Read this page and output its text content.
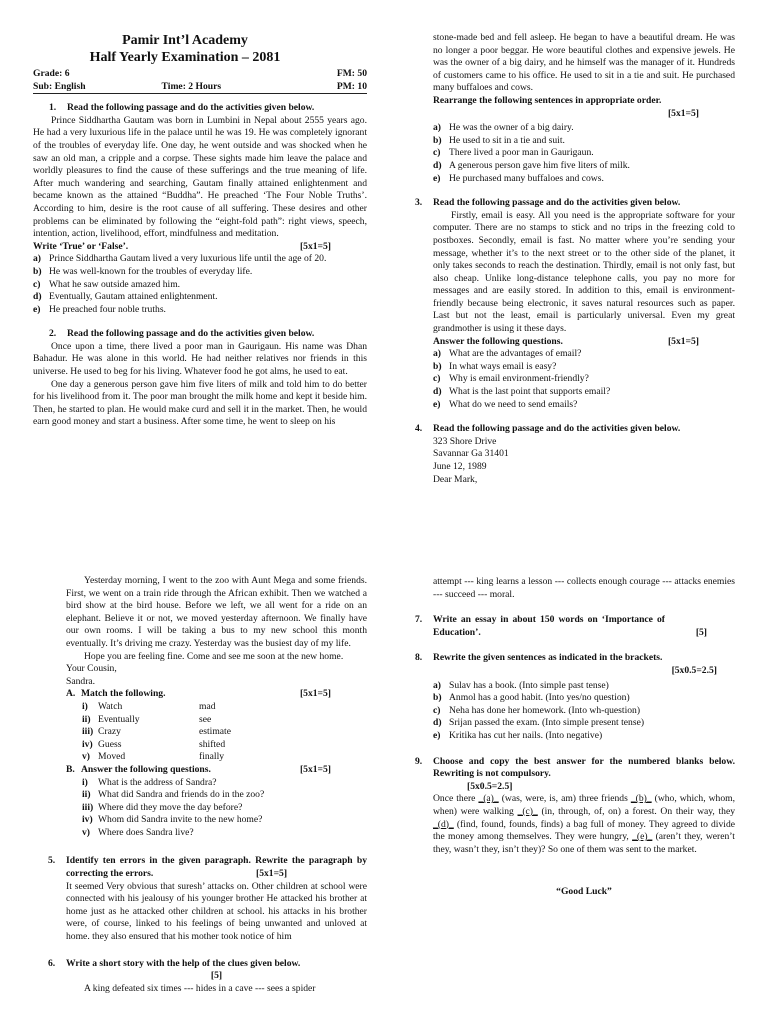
Pamir Int’l Academy
Half Yearly Examination – 2081
Grade: 6	FM: 50
Sub: English	Time: 2 Hours	PM: 10
1.	Read the following passage and do the activities given below.
Prince Siddhartha Gautam was born in Lumbini in Nepal about 2555 years ago. He had a very luxurious life in the palace until he was 19. He was completely ignorant of the troubles of everyday life. One day, he went outside and was shocked when he saw an old man, a cripple and a corpse. These sights made him leave the palace and worldly pleasures to find the cause of these sufferings and the true meaning of life. After much wandering and searching, Gautam finally attained enlightenment and became known as the attained “Buddha”. He preached ‘The Four Noble Truths’. According to him, desire is the root cause of all suffering. These desires and other problems can be eliminated by following the “eight-fold path”: right views, speech, intention, action, livelihood, effort, mindfulness and meditation.
Write ‘True’ or ‘False’.	[5x1=5]
a) Prince Siddhartha Gautam lived a very luxurious life until the age of 20.
b) He was well-known for the troubles of everyday life.
c) What he saw outside amazed him.
d) Eventually, Gautam attained enlightenment.
e) He preached four noble truths.
2.	Read the following passage and do the activities given below.
Once upon a time, there lived a poor man in Gaurigaun. His name was Dhan Bahadur. He was alone in this world. He had neither relatives nor friends in this universe. He used to beg for his living. Whatever food he got alms, he used to eat.
One day a generous person gave him five liters of milk and told him to do better for his livelihood from it. The poor man brought the milk home and kept it beside him. Then, he started to plan. He would make curd and sell it in the market. Then, he would earn good money and start a business. After some time, he went to sleep on his
stone-made bed and fell asleep. He began to have a beautiful dream. He was no longer a poor beggar. He wore beautiful clothes and expensive jewels. He was the owner of a big dairy, and he himself was the manager of it. Hundreds of customers came to his office. He used to sit in a tie and suit. He purchased many buffaloes and cows.
Rearrange the following sentences in appropriate order.
[5x1=5]
a) He was the owner of a big dairy.
b) He used to sit in a tie and suit.
c) There lived a poor man in Gaurigaun.
d) A generous person gave him five liters of milk.
e) He purchased many buffaloes and cows.
3.	Read the following passage and do the activities given below.
Firstly, email is easy. All you need is the appropriate software for your computer. There are no stamps to stick and no trips in the freezing cold to postboxes. Secondly, email is fast. No matter where you’re sending your message, whether it’s to the next street or to the other side of the planet, it only takes seconds to reach the destination. Thirdly, email is not only fast, but also cheap. Unlike long-distance telephone calls, you pay no more for messages and are easily stored. In addition to this, email is environment-friendly because being electronic, it saves natural resources such as paper. Last but not the least, email is particularly universal. Even my great grandmother is using it these days.
Answer the following questions.	[5x1=5]
a) What are the advantages of email?
b) In what ways email is easy?
c) Why is email environment-friendly?
d) What is the last point that supports email?
e) What do we need to send emails?
4.	Read the following passage and do the activities given below.
323 Shore Drive
Savannar Ga 31401
June 12, 1989
Dear Mark,
Yesterday morning, I went to the zoo with Aunt Mega and some friends. First, we went on a train ride through the African exhibit. Then we watched a bird show at the bird house. Before we left, we all went for a ride on an elephant. Believe it or not, we moved yesterday afternoon. We finally have our own rooms. I will be taking a bus to my new school this month eventually. It’s driving me crazy. Yesterday was the busiest day of my life.
Hope you are feeling fine. Come and see me soon at the new home.
Your Cousin,
Sandra.
A. Match the following.	[5x1=5]
i)	Watch	mad
ii) Eventually	see
iii) Crazy	estimate
iv) Guess	shifted
v) Moved	finally
B. Answer the following questions.	[5x1=5]
i)	What is the address of Sandra?
ii) What did Sandra and friends do in the zoo?
iii) Where did they move the day before?
iv) Whom did Sandra invite to the new home?
v) Where does Sandra live?
5.	Identify ten errors in the given paragraph. Rewrite the paragraph by correcting the errors.	[5x1=5]
It seemed Very obvious that suresh’ attacks on. Other children at school were connected with his jealousy of his younger brother He attacked his brother at home just as he attacked other children at school. his attacks in his brother were, of course, linked to his feelings of being unwanted and unloved at home. they also ensured that his mother took notice of him
6.	Write a short story with the help of the clues given below.
[5]
A king defeated six times --- hides in a cave --- sees a spider
attempt --- king learns a lesson --- collects enough courage --- attacks enemies --- succeed --- moral.
7.	Write an essay in about 150 words on ‘Importance of Education’.	[5]
8.	Rewrite the given sentences as indicated in the brackets.
[5x0.5=2.5]
a) Sulav has a book. (Into simple past tense)
b) Anmol has a good habit. (Into yes/no question)
c) Neha has done her homework. (Into wh-question)
d) Srijan passed the exam. (Into simple present tense)
e) Kritika has cut her nails. (Into negative)
9.	Choose and copy the best answer for the numbered blanks below. Rewriting is not compulsory.
[5x0.5=2.5]
Once there _(a)_ (was, were, is, am) three friends _(b)_ (who, which, whom, when) were walking _(c)_ (in, through, of, on) a forest. On their way, they _(d)_ (find, found, founds, finds) a bag full of money. They agreed to divide the money among themselves. They were hungry, _(e)_ (aren’t they, weren’t they, wasn’t they, isn’t they)? So one of them was sent to the market.
“Good Luck”
